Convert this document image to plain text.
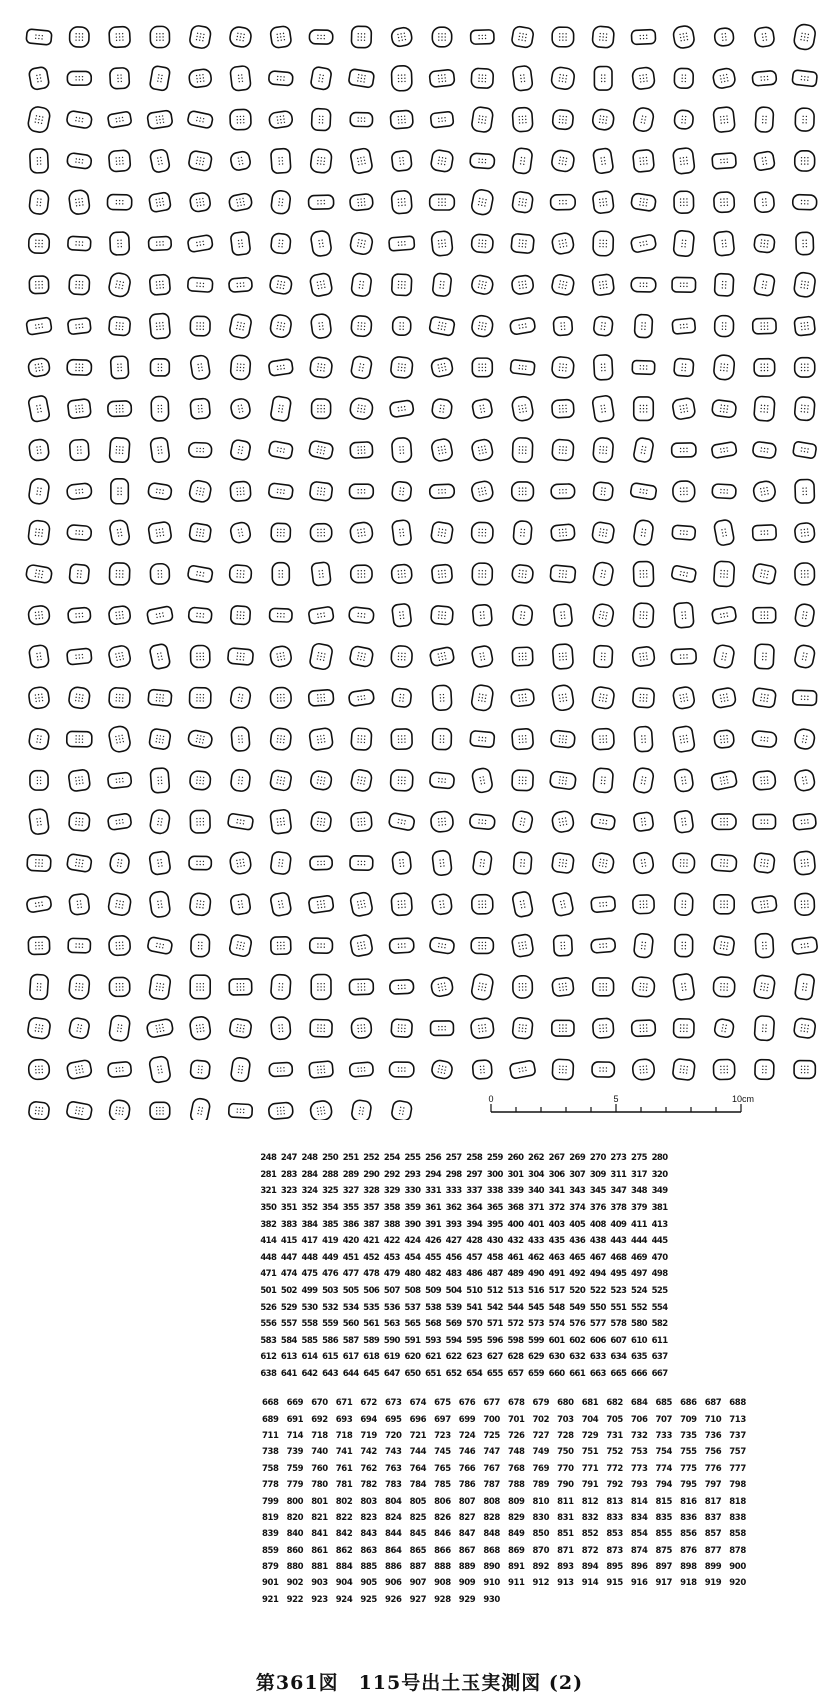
0	5	10cm
248 247 248 250 251 252 254 255 256 257 258 259 260 262 267 269 270 273 275 280
281 283 284 288 289 290 292 293 294 298 297 300 301 304 306 307 309 311 317 320
321 323 324 325 327 328 329 330 331 333 337 338 339 340 341 343 345 347 348 349
350 351 352 354 355 357 358 359 361 362 364 365 368 371 372 374 376 378 379 381
382 383 384 385 386 387 388 390 391 393 394 395 400 401 403 405 408 409 411 413
414 415 417 419 420 421 422 424 426 427 428 430 432 433 435 436 438 443 444 445
448 447 448 449 451 452 453 454 455 456 457 458 461 462 463 465 467 468 469 470
471 474 475 476 477 478 479 480 482 483 486 487 489 490 491 492 494 495 497 498
501 502 499 503 505 506 507 508 509 504 510 512 513 516 517 520 522 523 524 525
526 529 530 532 534 535 536 537 538 539 541 542 544 545 548 549 550 551 552 554
556 557 558 559 560 561 563 565 568 569 570 571 572 573 574 576 577 578 580 582
583 584 585 586 587 589 590 591 593 594 595 596 598 599 601 602 606 607 610 611
612 613 614 615 617 618 619 620 621 622 623 627 628 629 630 632 633 634 635 637
638 641 642 643 644 645 647 650 651 652 654 655 657 659 660 661 663 665 666 667
668 669 670 671 672 673 674 675 676 677 678 679 680 681 682 684 685 686 687 688
689 691 692 693 694 695 696 697 699 700 701 702 703 704 705 706 707 709 710 713
711 714 718 718 719 720 721 723 724 725 726 727 728 729 731 732 733 735 736 737
738 739 740 741 742 743 744 745 746 747 748 749 750 751 752 753 754 755 756 757
758 759 760 761 762 763 764 765 766 767 768 769 770 771 772 773 774 775 776 777
778 779 780 781 782 783 784 785 786 787 788 789 790 791 792 793 794 795 797 798
799 800 801 802 803 804 805 806 807 808 809 810 811 812 813 814 815 816 817 818
819 820 821 822 823 824 825 826 827 828 829 830 831 832 833 834 835 836 837 838
839 840 841 842 843 844 845 846 847 848 849 850 851 852 853 854 855 856 857 858
859 860 861 862 863 864 865 866 867 868 869 870 871 872 873 874 875 876 877 878
879 880 881 884 885 886 887 888 889 890 891 892 893 894 895 896 897 898 899 900
901 902 903 904 905 906 907 908 909 910 911 912 913 914 915 916 917 918 919 920
921 922 923 924 925 926 927 928 929 930
第361図　115号出土玉実測図 (2)
